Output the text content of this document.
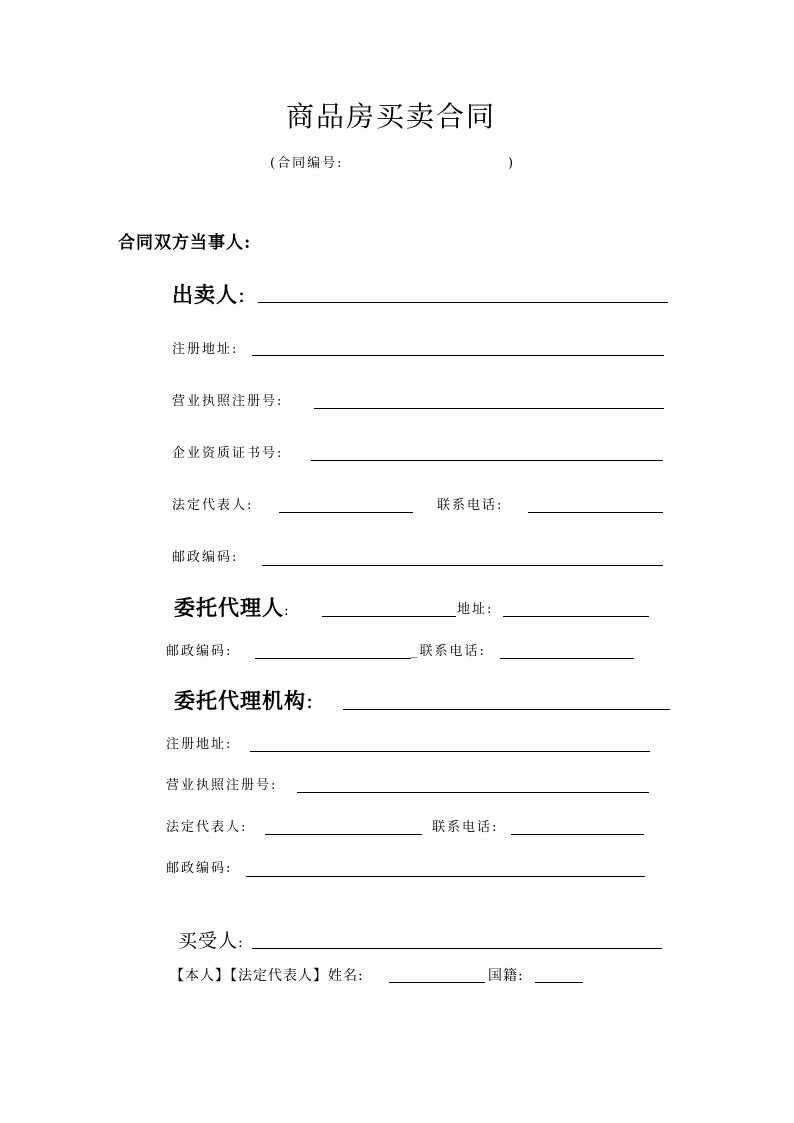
商品房买卖合同
(合同编号:	)
合同双方当事人:
出卖人:
注册地址:
营业执照注册号:
企业资质证书号:
法定代表人:	联系电话:
邮政编码:
委托代理人:	地址:
邮政编码:	_联系电话:
委托代理机构:
注册地址:
营业执照注册号:
法定代表人:	联系电话:
邮政编码:
买受人:
【本人】【法定代表人】姓名:	国籍:
